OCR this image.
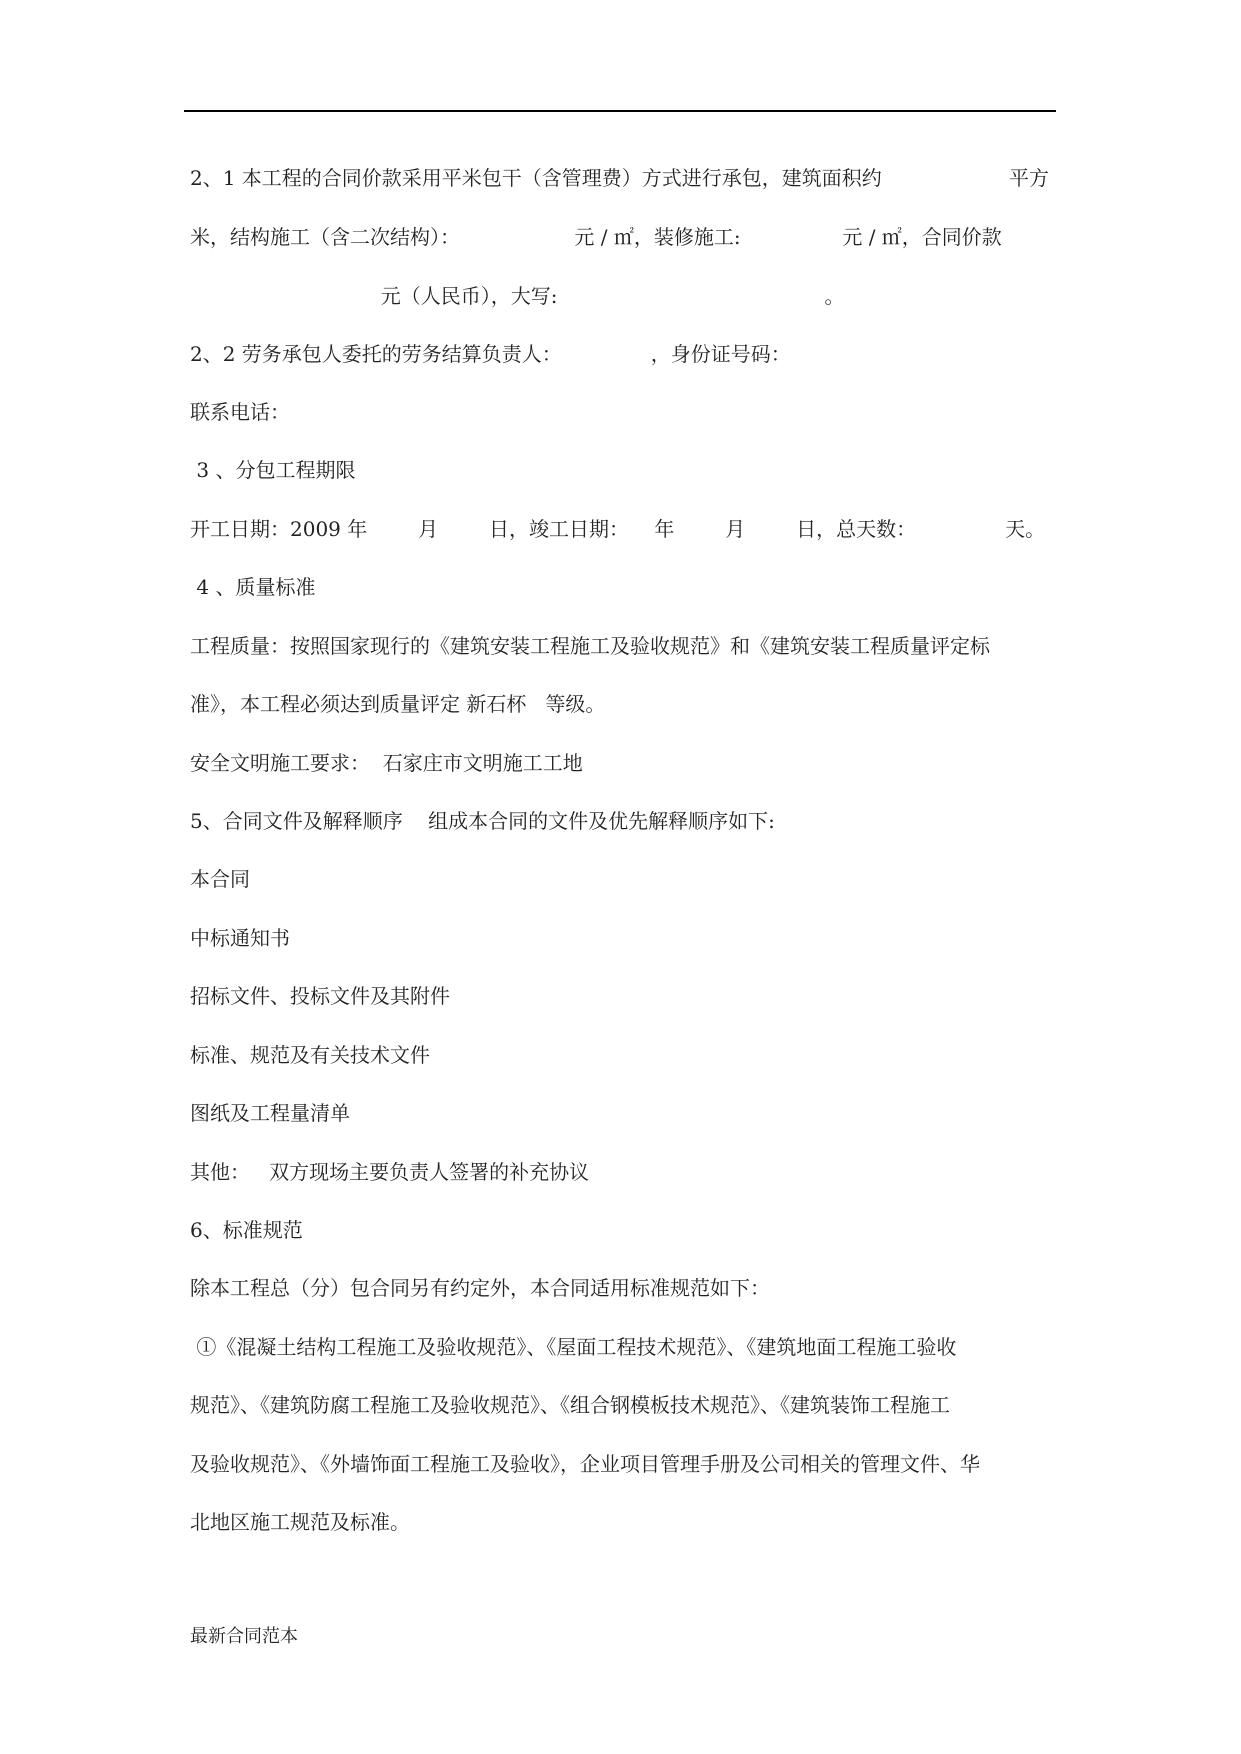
2、1 本工程的合同价款采用平米包干（含管理费）方式进行承包，建筑面积约                    平方
米，结构施工（含二次结构）：                  元 / ㎡，装修施工:                元 / ㎡，合同价款
元（人民币），大写:                                          。
2、2 劳务承包人委托的劳务结算负责人：              ，身份证号码：
联系电话：
3 、分包工程期限
开工日期：2009 年        月        日，竣工日期：    年        月        日，总天数：              天。
4 、质量标准
工程质量：按照国家现行的《建筑安装工程施工及验收规范》和《建筑安装工程质量评定标
准》，本工程必须达到质量评定 新石杯   等级。
安全文明施工要求：  石家庄市文明施工工地
5、合同文件及解释顺序    组成本合同的文件及优先解释顺序如下:
本合同
中标通知书
招标文件、投标文件及其附件
标准、规范及有关技术文件
图纸及工程量清单
其他：   双方现场主要负责人签署的补充协议
6、标准规范
除本工程总（分）包合同另有约定外，本合同适用标准规范如下：
①《混凝土结构工程施工及验收规范》、《屋面工程技术规范》、《建筑地面工程施工验收
规范》、《建筑防腐工程施工及验收规范》、《组合钢模板技术规范》、《建筑装饰工程施工
及验收规范》、《外墙饰面工程施工及验收》，企业项目管理手册及公司相关的管理文件、华
北地区施工规范及标准。
最新合同范本
